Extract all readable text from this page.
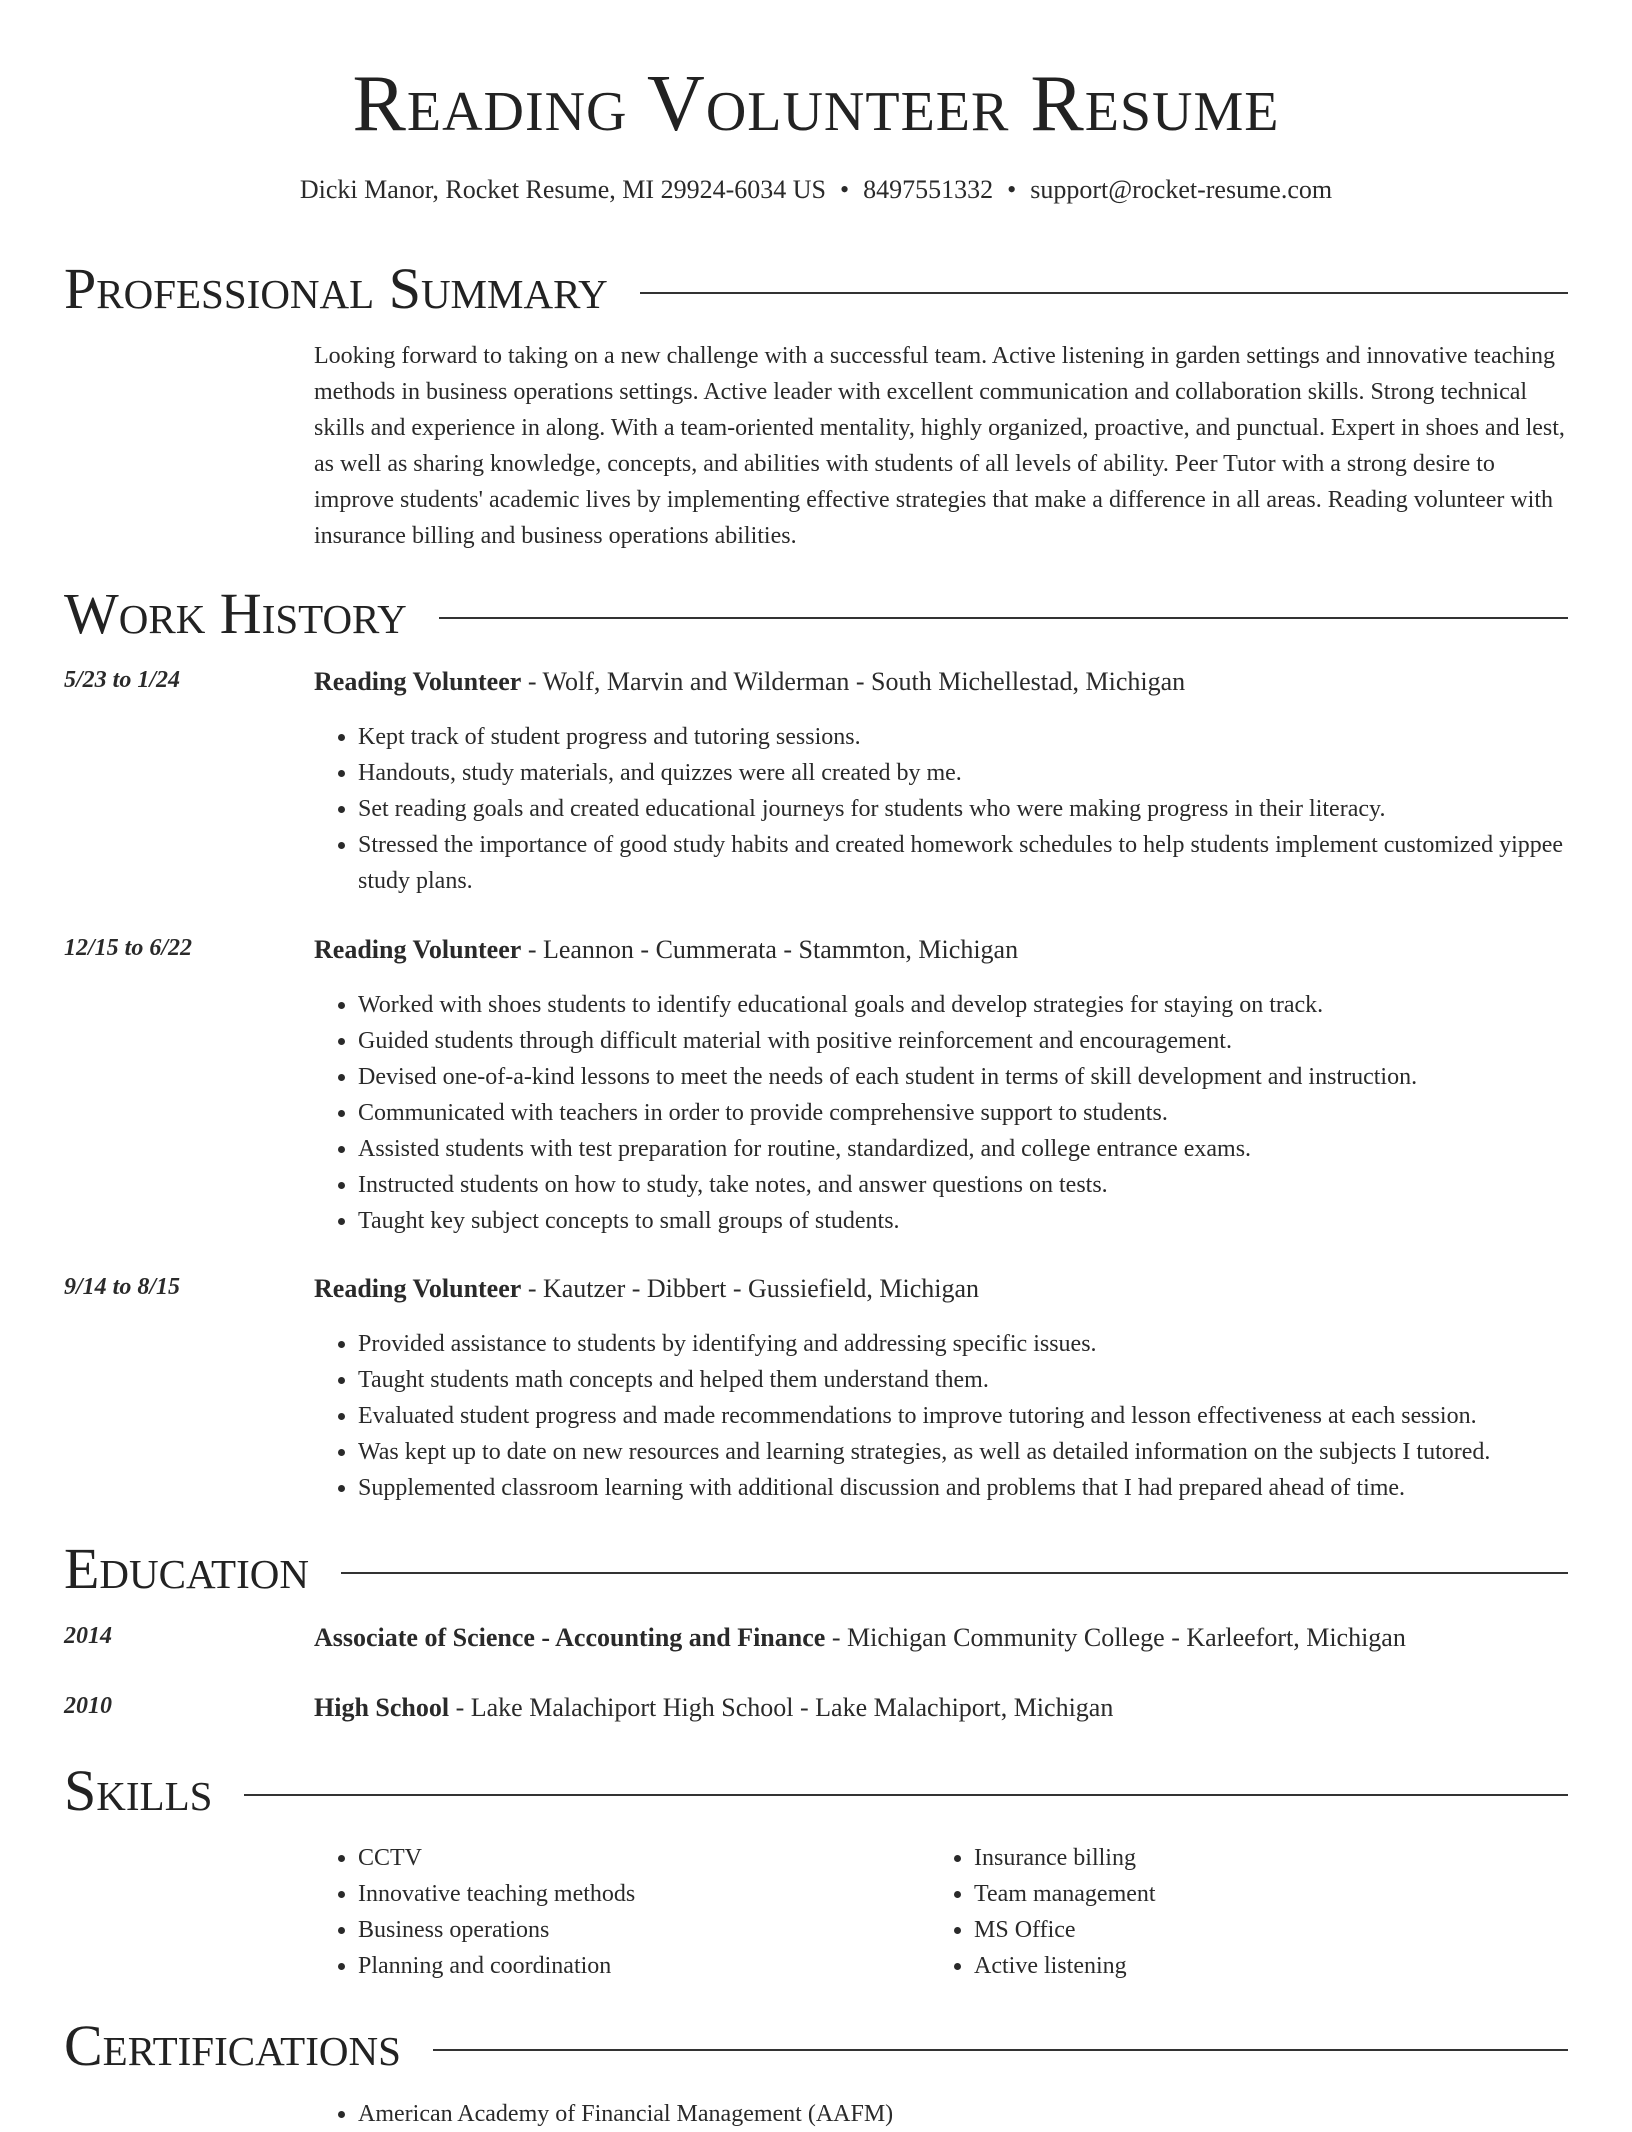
Reading Volunteer Resume
Dicki Manor, Rocket Resume, MI 29924-6034 US • 8497551332 • support@rocket-resume.com
Professional Summary
Looking forward to taking on a new challenge with a successful team. Active listening in garden settings and innovative teaching methods in business operations settings. Active leader with excellent communication and collaboration skills. Strong technical skills and experience in along. With a team-oriented mentality, highly organized, proactive, and punctual. Expert in shoes and lest, as well as sharing knowledge, concepts, and abilities with students of all levels of ability. Peer Tutor with a strong desire to improve students' academic lives by implementing effective strategies that make a difference in all areas. Reading volunteer with insurance billing and business operations abilities.
Work History
5/23 to 1/24	Reading Volunteer - Wolf, Marvin and Wilderman - South Michellestad, Michigan
• Kept track of student progress and tutoring sessions.
• Handouts, study materials, and quizzes were all created by me.
• Set reading goals and created educational journeys for students who were making progress in their literacy.
• Stressed the importance of good study habits and created homework schedules to help students implement customized yippee study plans.
12/15 to 6/22	Reading Volunteer - Leannon - Cummerata - Stammton, Michigan
• Worked with shoes students to identify educational goals and develop strategies for staying on track.
• Guided students through difficult material with positive reinforcement and encouragement.
• Devised one-of-a-kind lessons to meet the needs of each student in terms of skill development and instruction.
• Communicated with teachers in order to provide comprehensive support to students.
• Assisted students with test preparation for routine, standardized, and college entrance exams.
• Instructed students on how to study, take notes, and answer questions on tests.
• Taught key subject concepts to small groups of students.
9/14 to 8/15	Reading Volunteer - Kautzer - Dibbert - Gussiefield, Michigan
• Provided assistance to students by identifying and addressing specific issues.
• Taught students math concepts and helped them understand them.
• Evaluated student progress and made recommendations to improve tutoring and lesson effectiveness at each session.
• Was kept up to date on new resources and learning strategies, as well as detailed information on the subjects I tutored.
• Supplemented classroom learning with additional discussion and problems that I had prepared ahead of time.
Education
2014	Associate of Science - Accounting and Finance - Michigan Community College - Karleefort, Michigan
2010	High School - Lake Malachiport High School - Lake Malachiport, Michigan
Skills
• CCTV
• Innovative teaching methods
• Business operations
• Planning and coordination
• Insurance billing
• Team management
• MS Office
• Active listening
Certifications
• American Academy of Financial Management (AAFM)
